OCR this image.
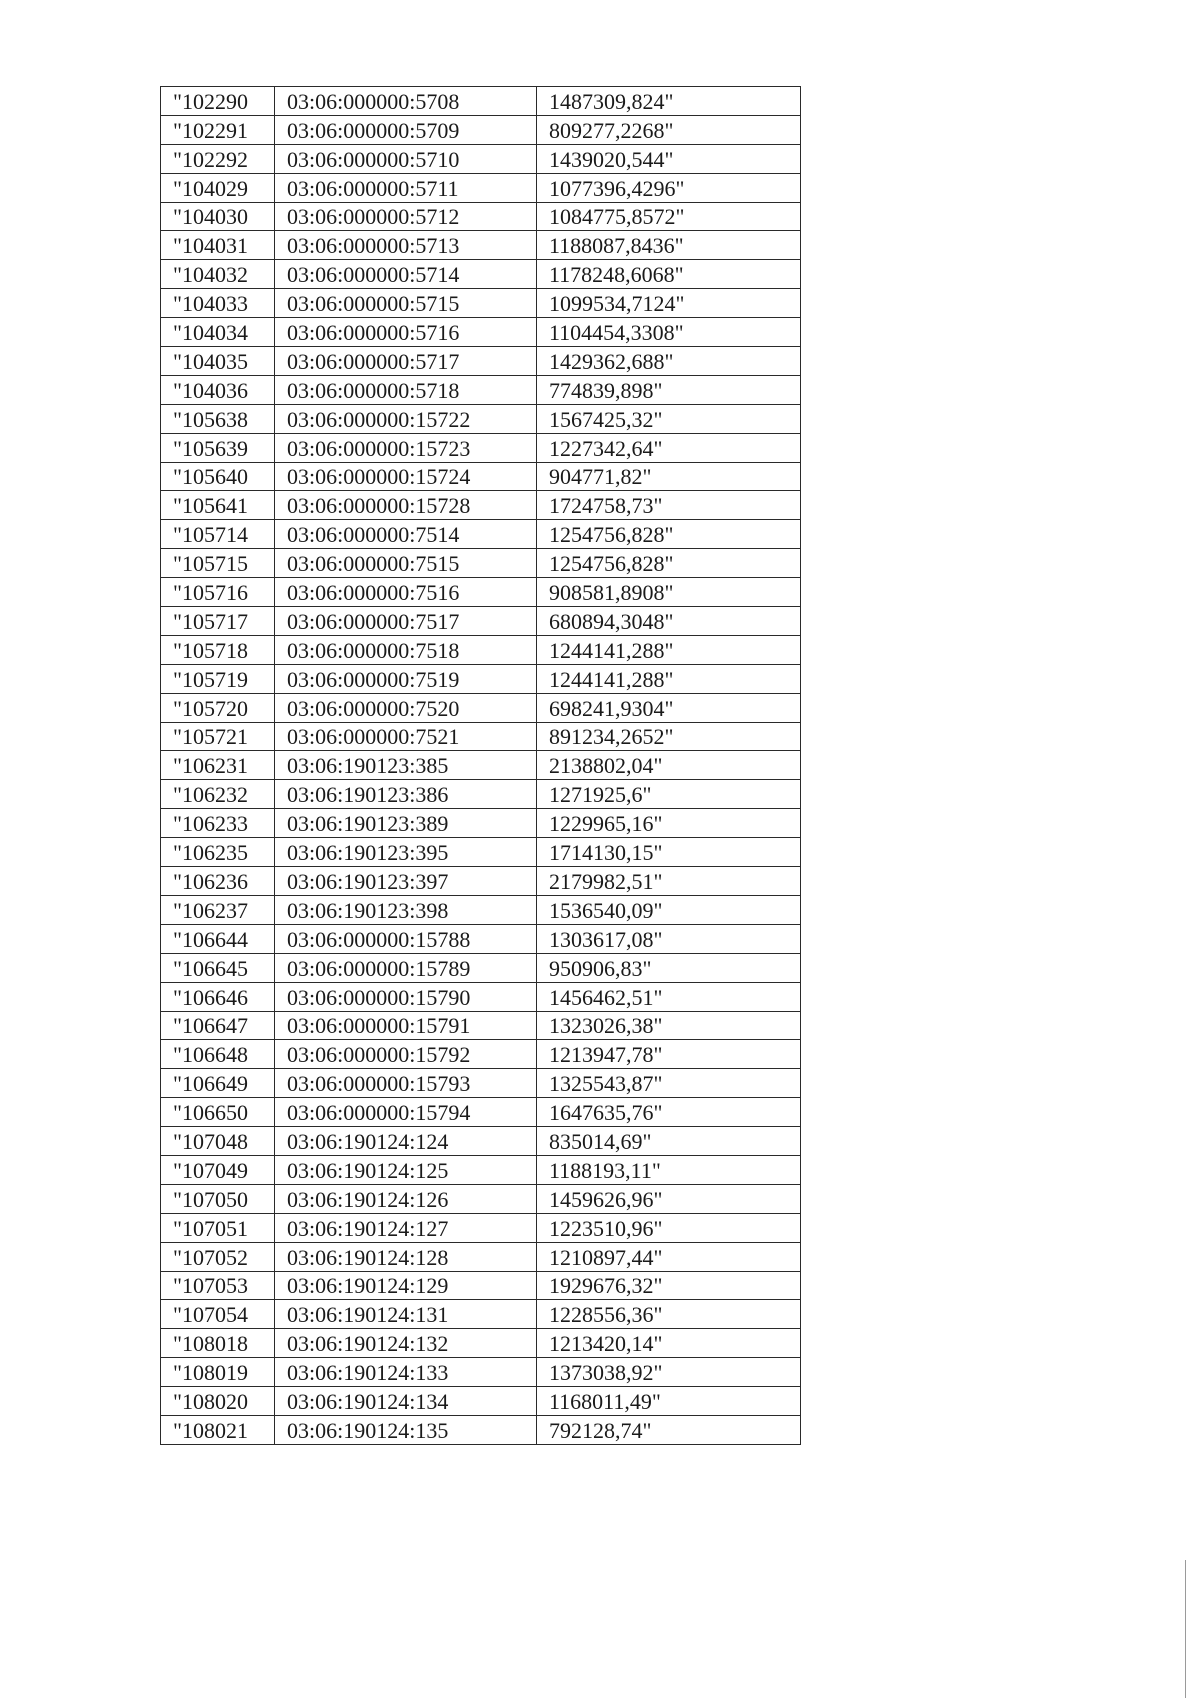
"102290	03:06:000000:5708	1487309,824"
"102291	03:06:000000:5709	809277,2268"
"102292	03:06:000000:5710	1439020,544"
"104029	03:06:000000:5711	1077396,4296"
"104030	03:06:000000:5712	1084775,8572"
"104031	03:06:000000:5713	1188087,8436"
"104032	03:06:000000:5714	1178248,6068"
"104033	03:06:000000:5715	1099534,7124"
"104034	03:06:000000:5716	1104454,3308"
"104035	03:06:000000:5717	1429362,688"
"104036	03:06:000000:5718	774839,898"
"105638	03:06:000000:15722	1567425,32"
"105639	03:06:000000:15723	1227342,64"
"105640	03:06:000000:15724	904771,82"
"105641	03:06:000000:15728	1724758,73"
"105714	03:06:000000:7514	1254756,828"
"105715	03:06:000000:7515	1254756,828"
"105716	03:06:000000:7516	908581,8908"
"105717	03:06:000000:7517	680894,3048"
"105718	03:06:000000:7518	1244141,288"
"105719	03:06:000000:7519	1244141,288"
"105720	03:06:000000:7520	698241,9304"
"105721	03:06:000000:7521	891234,2652"
"106231	03:06:190123:385	2138802,04"
"106232	03:06:190123:386	1271925,6"
"106233	03:06:190123:389	1229965,16"
"106235	03:06:190123:395	1714130,15"
"106236	03:06:190123:397	2179982,51"
"106237	03:06:190123:398	1536540,09"
"106644	03:06:000000:15788	1303617,08"
"106645	03:06:000000:15789	950906,83"
"106646	03:06:000000:15790	1456462,51"
"106647	03:06:000000:15791	1323026,38"
"106648	03:06:000000:15792	1213947,78"
"106649	03:06:000000:15793	1325543,87"
"106650	03:06:000000:15794	1647635,76"
"107048	03:06:190124:124	835014,69"
"107049	03:06:190124:125	1188193,11"
"107050	03:06:190124:126	1459626,96"
"107051	03:06:190124:127	1223510,96"
"107052	03:06:190124:128	1210897,44"
"107053	03:06:190124:129	1929676,32"
"107054	03:06:190124:131	1228556,36"
"108018	03:06:190124:132	1213420,14"
"108019	03:06:190124:133	1373038,92"
"108020	03:06:190124:134	1168011,49"
"108021	03:06:190124:135	792128,74"
